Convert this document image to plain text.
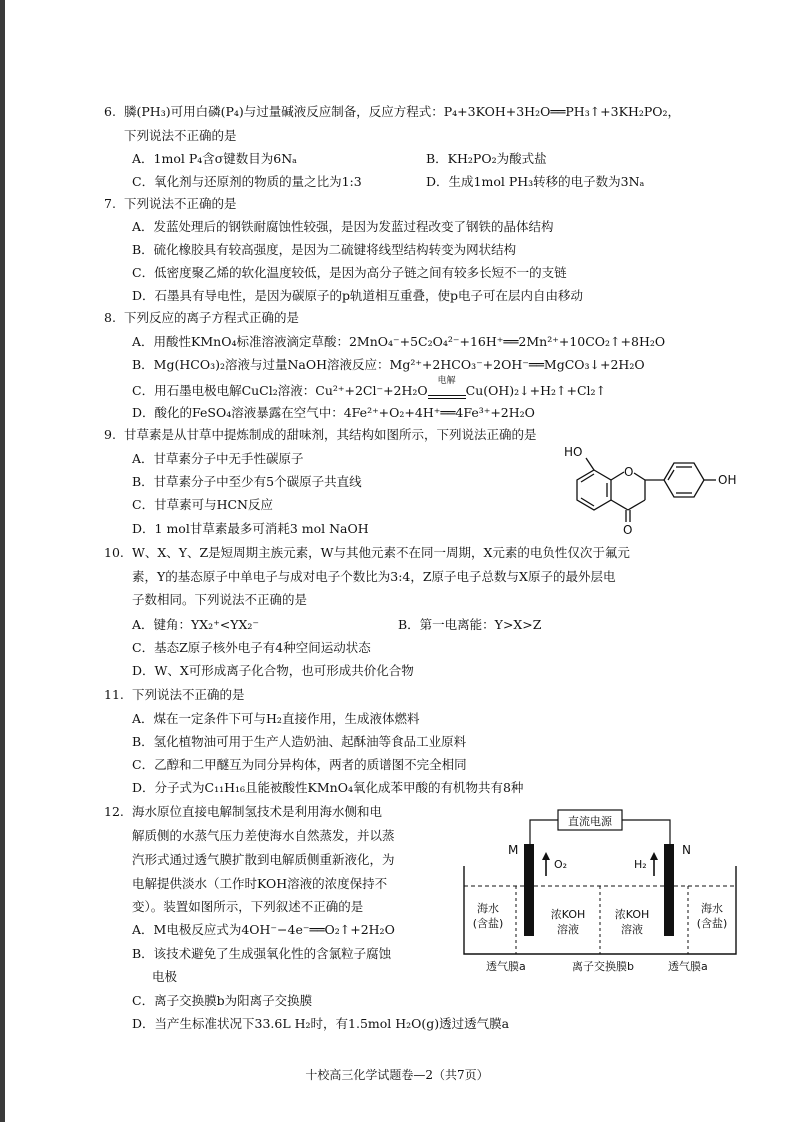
6. 膦(PH₃)可用白磷(P₄)与过量碱液反应制备，反应方程式：P₄+3KOH+3H₂O══PH₃↑+3KH₂PO₂，
下列说法不正确的是
A．1mol P₄含σ键数目为6Nₐ	B．KH₂PO₂为酸式盐
C．氧化剂与还原剂的物质的量之比为1:3	D．生成1mol PH₃转移的电子数为3Nₐ
7. 下列说法不正确的是
A．发蓝处理后的钢铁耐腐蚀性较强，是因为发蓝过程改变了钢铁的晶体结构
B．硫化橡胶具有较高强度，是因为二硫键将线型结构转变为网状结构
C．低密度聚乙烯的软化温度较低，是因为高分子链之间有较多长短不一的支链
D．石墨具有导电性，是因为碳原子的p轨道相互重叠，使p电子可在层内自由移动
8. 下列反应的离子方程式正确的是
A．用酸性KMnO₄标准溶液滴定草酸：2MnO₄⁻+5C₂O₄²⁻+16H⁺══2Mn²⁺+10CO₂↑+8H₂O
B．Mg(HCO₃)₂溶液与过量NaOH溶液反应：Mg²⁺+2HCO₃⁻+2OH⁻══MgCO₃↓+2H₂O
C．用石墨电极电解CuCl₂溶液：Cu²⁺+2Cl⁻+2H₂O
电解
Cu(OH)₂↓+H₂↑+Cl₂↑
D．酸化的FeSO₄溶液暴露在空气中：4Fe²⁺+O₂+4H⁺══4Fe³⁺+2H₂O
9. 甘草素是从甘草中提炼制成的甜味剂，其结构如图所示，下列说法正确的是
A．甘草素分子中无手性碳原子
B．甘草素分子中至少有5个碳原子共直线
C．甘草素可与HCN反应
D．1 mol甘草素最多可消耗3 mol NaOH
HO
O
O
OH
10. W、X、Y、Z是短周期主族元素，W与其他元素不在同一周期，X元素的电负性仅次于氟元
素，Y的基态原子中单电子与成对电子个数比为3:4，Z原子电子总数与X原子的最外层电
子数相同。下列说法不正确的是
A．键角：YX₂⁺<YX₂⁻	B．第一电离能：Y>X>Z
C．基态Z原子核外电子有4种空间运动状态
D．W、X可形成离子化合物，也可形成共价化合物
11. 下列说法不正确的是
A．煤在一定条件下可与H₂直接作用，生成液体燃料
B．氢化植物油可用于生产人造奶油、起酥油等食品工业原料
C．乙醇和二甲醚互为同分异构体，两者的质谱图不完全相同
D．分子式为C₁₁H₁₆且能被酸性KMnO₄氧化成苯甲酸的有机物共有8种
12. 海水原位直接电解制氢技术是利用海水侧和电
解质侧的水蒸气压力差使海水自然蒸发，并以蒸
汽形式通过透气膜扩散到电解质侧重新液化，为
电解提供淡水（工作时KOH溶液的浓度保持不
变）。装置如图所示，下列叙述不正确的是
A．M电极反应式为4OH⁻−4e⁻══O₂↑+2H₂O
B．该技术避免了生成强氧化性的含氯粒子腐蚀
电极
C．离子交换膜b为阳离子交换膜
D．当产生标准状况下33.6L H₂时，有1.5mol H₂O(g)透过透气膜a
直流电源
M	N
O₂	H₂
海水
(含盐)
浓KOH
溶液
浓KOH
溶液
海水
(含盐)
透气膜a	离子交换膜b	透气膜a
十校高三化学试题卷—2（共7页）
